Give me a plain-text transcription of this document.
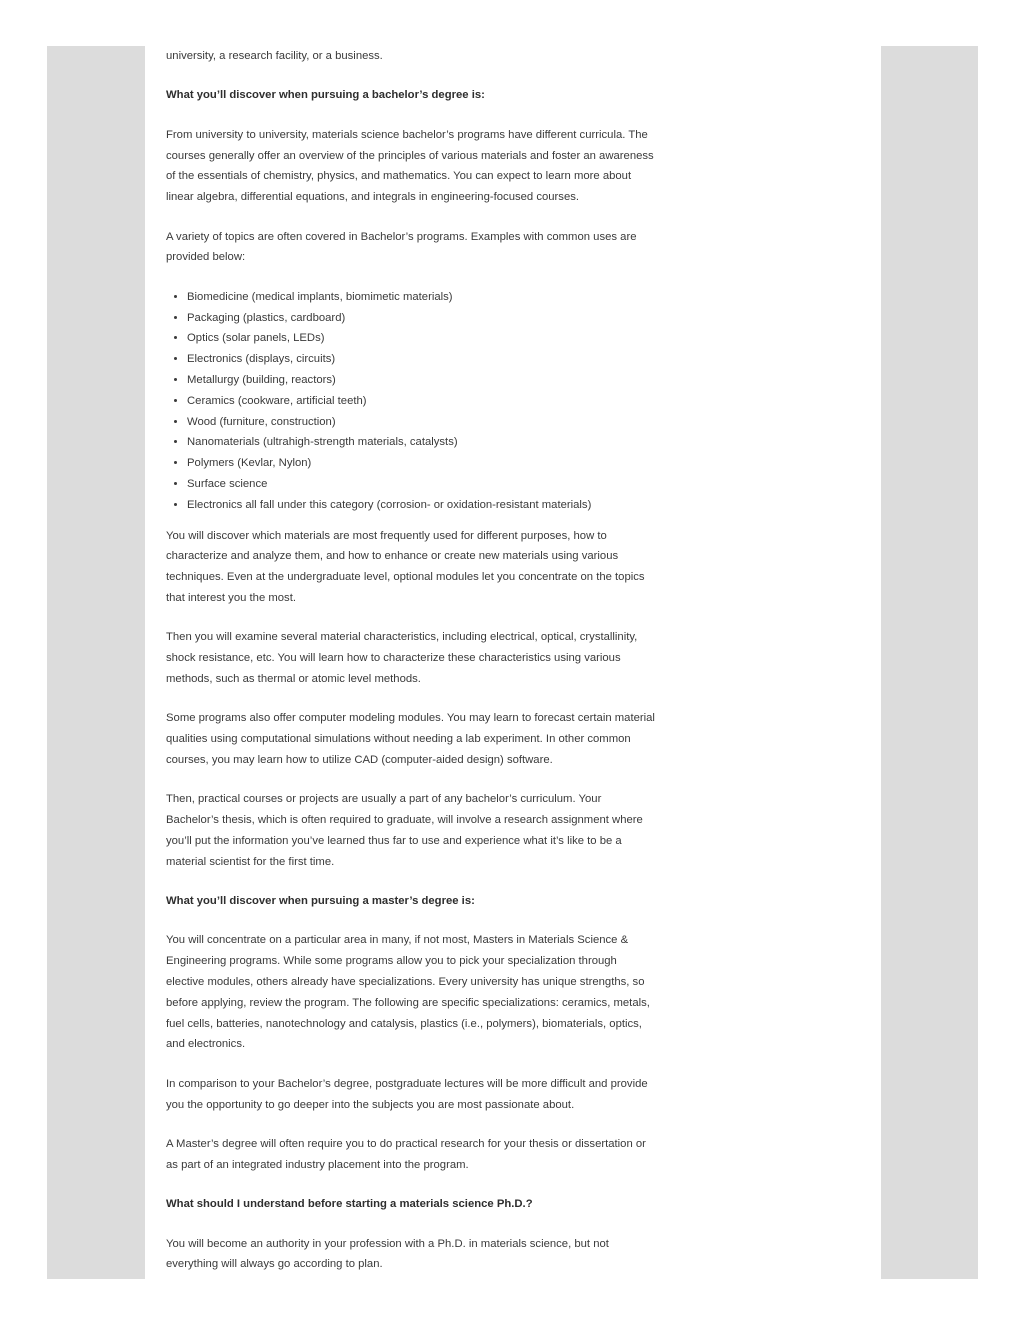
university, a research facility, or a business.

What you’ll discover when pursuing a bachelor’s degree is:

From university to university, materials science bachelor’s programs have different curricula. The courses generally offer an overview of the principles of various materials and foster an awareness of the essentials of chemistry, physics, and mathematics. You can expect to learn more about linear algebra, differential equations, and integrals in engineering-focused courses.

A variety of topics are often covered in Bachelor’s programs. Examples with common uses are provided below:

• Biomedicine (medical implants, biomimetic materials)
• Packaging (plastics, cardboard)
• Optics (solar panels, LEDs)
• Electronics (displays, circuits)
• Metallurgy (building, reactors)
• Ceramics (cookware, artificial teeth)
• Wood (furniture, construction)
• Nanomaterials (ultrahigh-strength materials, catalysts)
• Polymers (Kevlar, Nylon)
• Surface science
• Electronics all fall under this category (corrosion- or oxidation-resistant materials)

You will discover which materials are most frequently used for different purposes, how to characterize and analyze them, and how to enhance or create new materials using various techniques. Even at the undergraduate level, optional modules let you concentrate on the topics that interest you the most.

Then you will examine several material characteristics, including electrical, optical, crystallinity, shock resistance, etc. You will learn how to characterize these characteristics using various methods, such as thermal or atomic level methods.

Some programs also offer computer modeling modules. You may learn to forecast certain material qualities using computational simulations without needing a lab experiment. In other common courses, you may learn how to utilize CAD (computer-aided design) software.

Then, practical courses or projects are usually a part of any bachelor’s curriculum. Your Bachelor’s thesis, which is often required to graduate, will involve a research assignment where you’ll put the information you’ve learned thus far to use and experience what it’s like to be a material scientist for the first time.

What you’ll discover when pursuing a master’s degree is:

You will concentrate on a particular area in many, if not most, Masters in Materials Science & Engineering programs. While some programs allow you to pick your specialization through elective modules, others already have specializations. Every university has unique strengths, so before applying, review the program. The following are specific specializations: ceramics, metals, fuel cells, batteries, nanotechnology and catalysis, plastics (i.e., polymers), biomaterials, optics, and electronics.

In comparison to your Bachelor’s degree, postgraduate lectures will be more difficult and provide you the opportunity to go deeper into the subjects you are most passionate about.

A Master’s degree will often require you to do practical research for your thesis or dissertation or as part of an integrated industry placement into the program.

What should I understand before starting a materials science Ph.D.?

You will become an authority in your profession with a Ph.D. in materials science, but not everything will always go according to plan.
